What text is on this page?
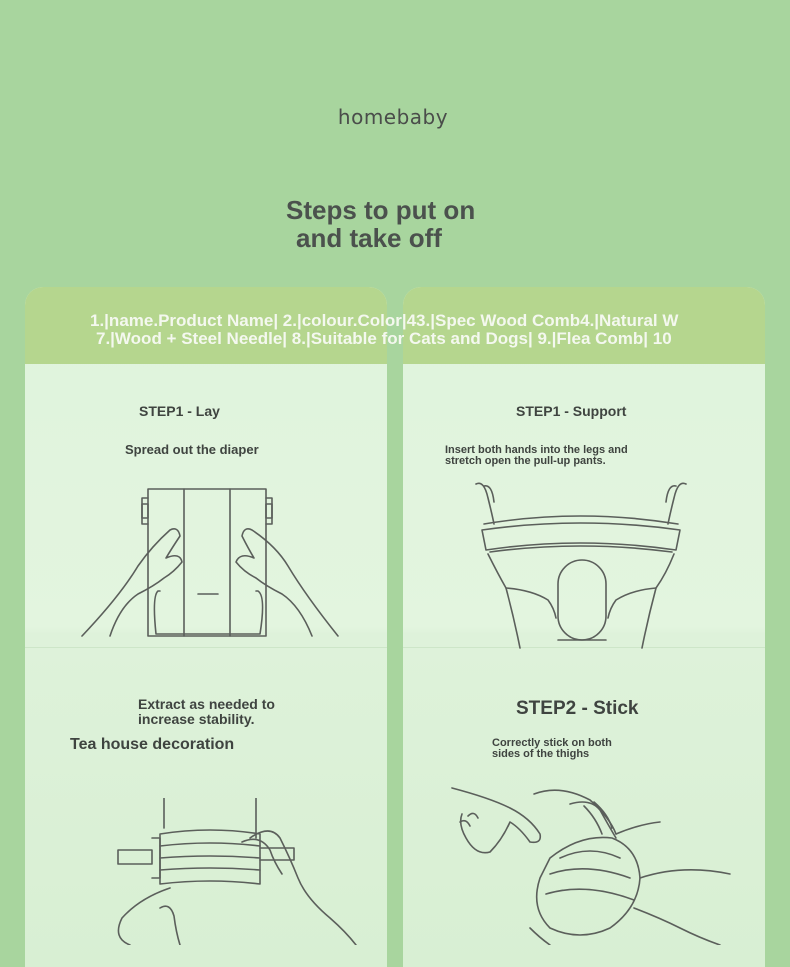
homebaby
Steps to put on
and take off
1.|name.Product Name| 2.|colour.Color|43.|Spec Wood Comb4.|Natural W
7.|Wood + Steel Needle| 8.|Suitable for Cats and Dogs| 9.|Flea Comb| 10
STEP1 - Lay
Spread out the diaper
STEP1 - Support
Insert both hands into the legs and stretch open the pull-up pants.
Extract as needed to increase stability.
Tea house decoration
STEP2 - Stick
Correctly stick on both sides of the thighs
